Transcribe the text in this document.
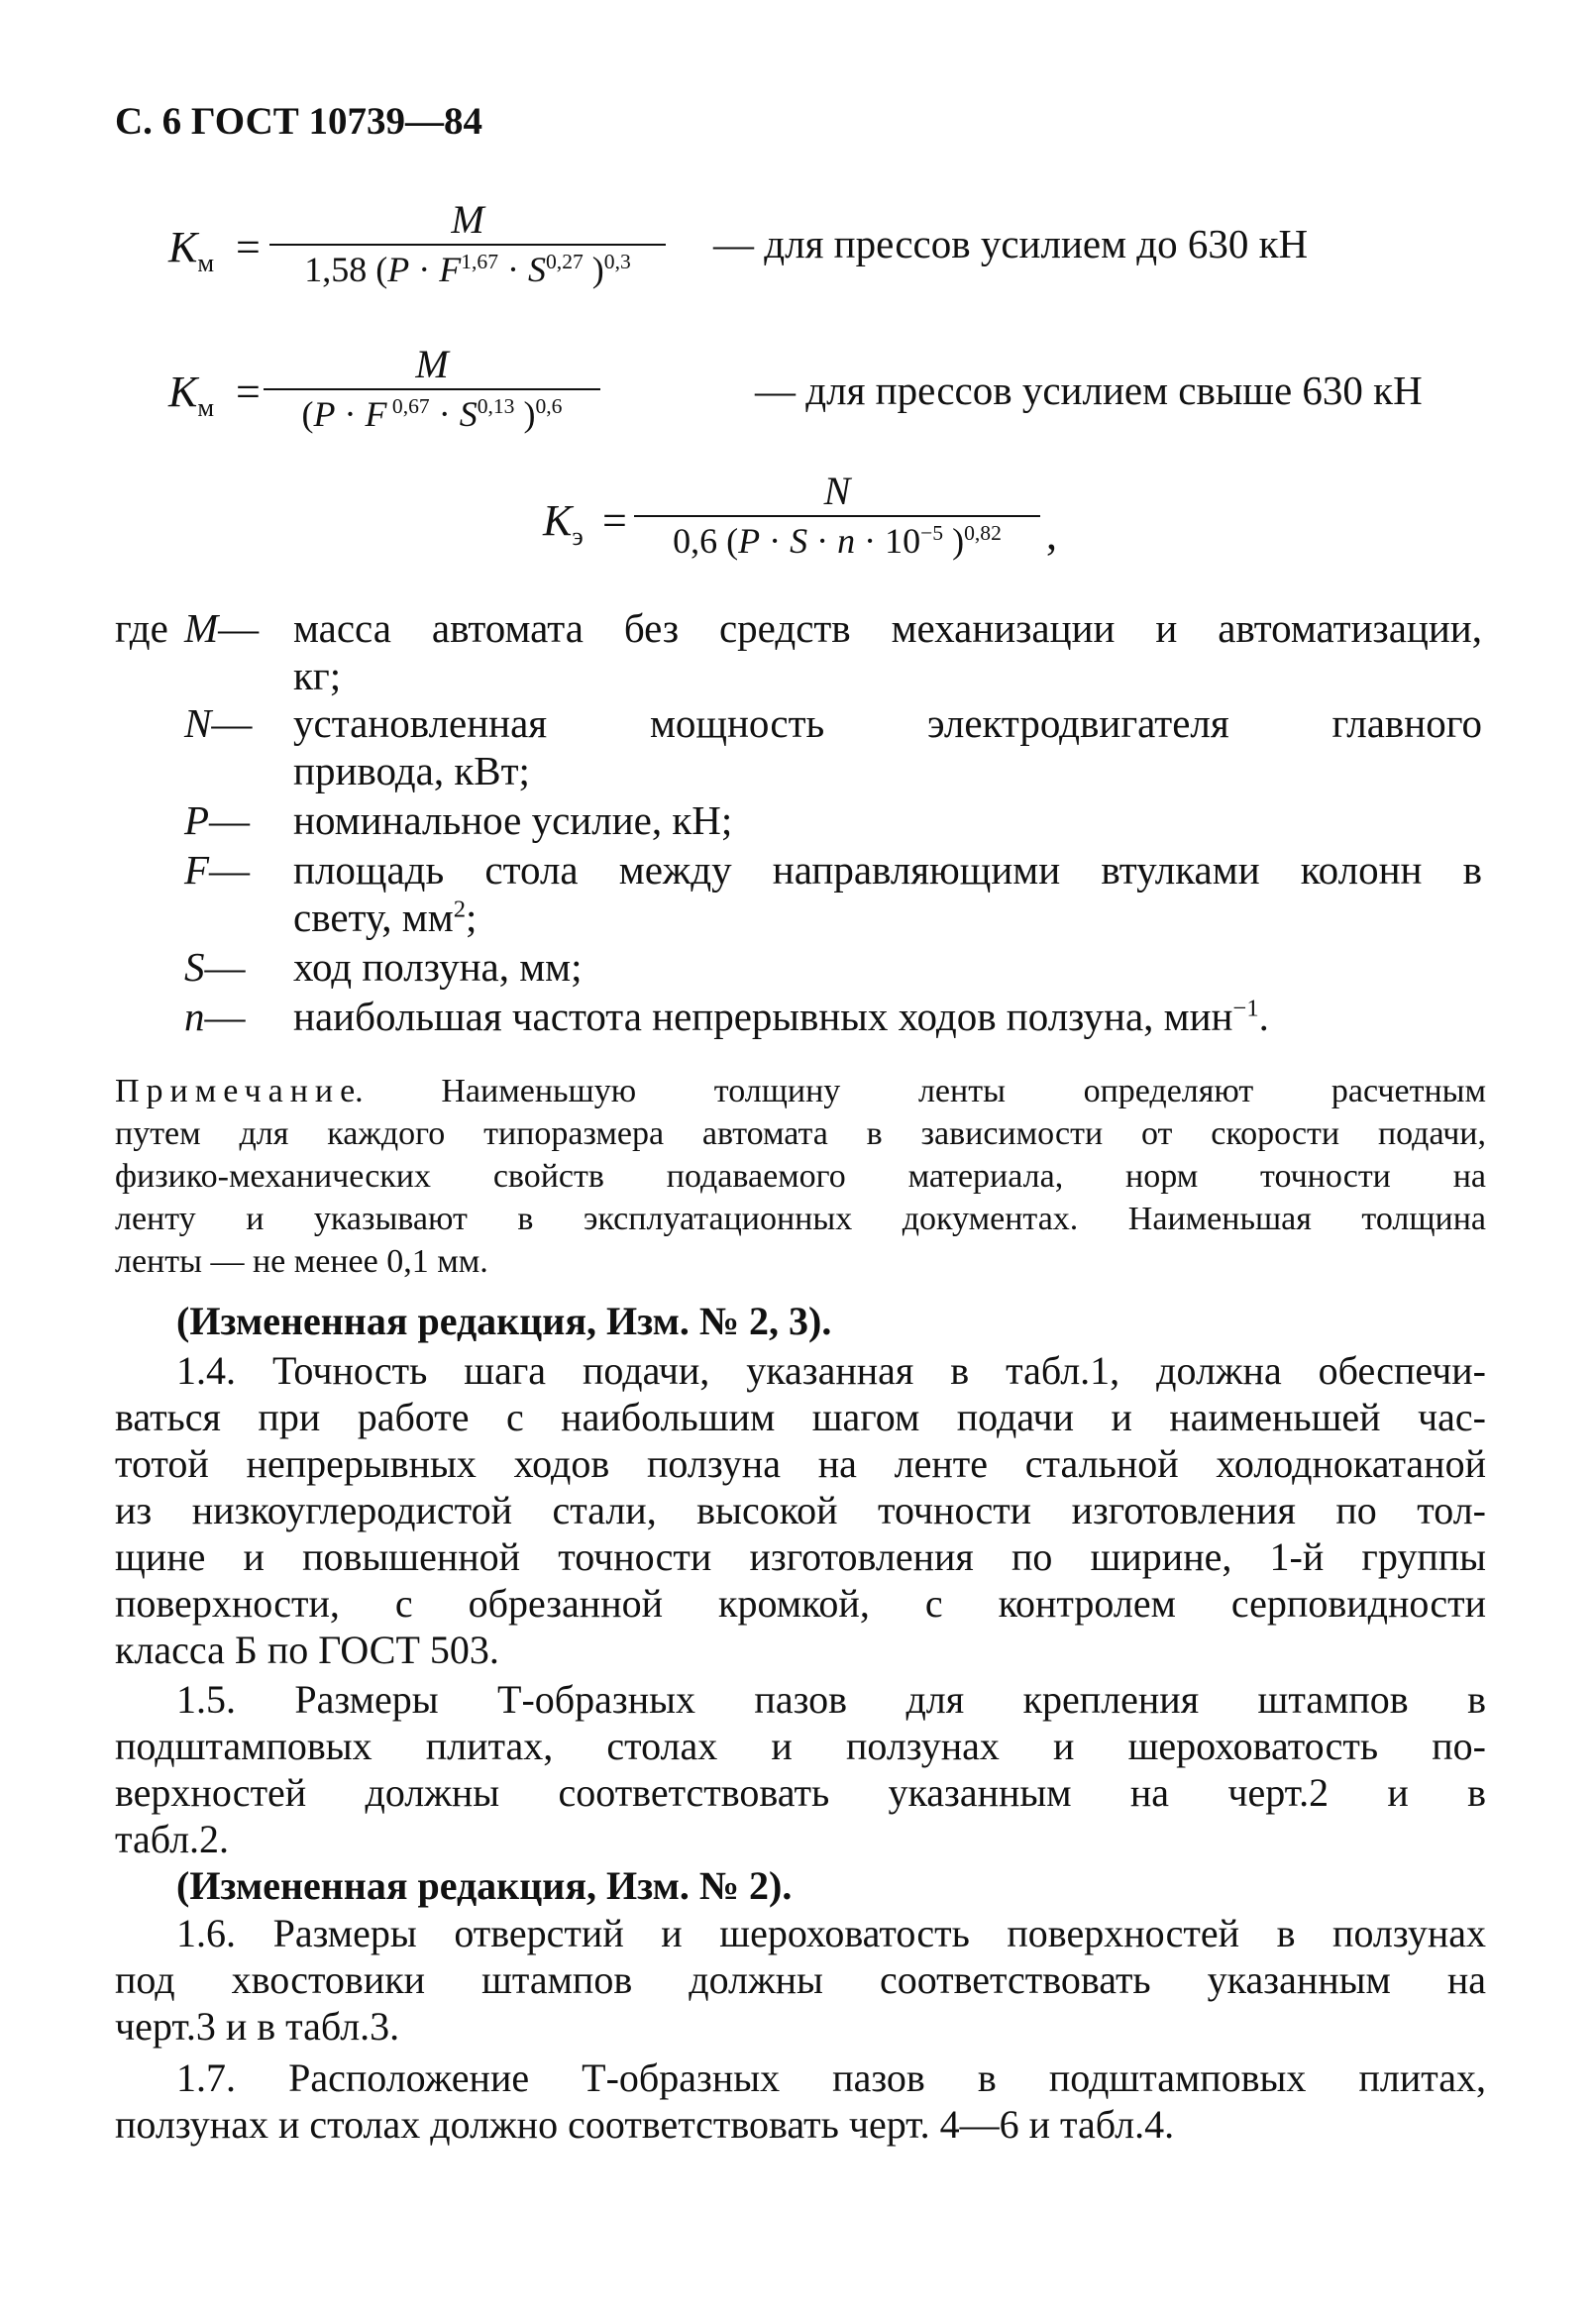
С. 6 ГОСТ 10739—84
$K_м$ =
M
1,58 (P · F$^{1,67}$ · S$^{0,27}$ )$^{0,3}$	— для прессов усилием до 630 кН
$K_м$ =
M
(P · F $^{0,67}$ · S$^{0,13}$ )$^{0,6}$	— для прессов усилием свыше 630 кН
$K_э$ =
N
0,6 ($P \cdot S \cdot n \cdot 10^{-5}$ )$^{0,82}$	,
где M— масса автомата без средств механизации и автоматизации,
кг;
N— установленная мощность электродвигателя главного
привода, кВт;
P— номинальное усилие, кН;
F— площадь стола между направляющими втулками колонн в
свету, $мм^2$;
S— ход ползуна, мм;
n— наибольшая частота непрерывных ходов ползуна, мин$^{-1}$.
Примечание. Наименьшую толщину ленты определяют расчетным
путем для каждого типоразмера автомата в зависимости от скорости подачи,
физико-механических свойств подаваемого материала, норм точности на
ленту и указывают в эксплуатационных документах. Наименьшая толщина
ленты — не менее 0,1 мм.
(Измененная редакция, Изм. № 2, 3).
1.4. Точность шага подачи, указанная в табл.1, должна обеспечи-
ваться при работе с наибольшим шагом подачи и наименьшей час-
тотой непрерывных ходов ползуна на ленте стальной холоднокатаной
из низкоуглеродистой стали, высокой точности изготовления по тол-
щине и повышенной точности изготовления по ширине, 1-й группы
поверхности, с обрезанной кромкой, с контролем серповидности
класса Б по ГОСТ 503.
1.5. Размеры Т-образных пазов для крепления штампов в
подштамповых плитах, столах и ползунах и шероховатость по-
верхностей должны соответствовать указанным на черт.2 и в
табл.2.
(Измененная редакция, Изм. № 2).
1.6. Размеры отверстий и шероховатость поверхностей в ползунах
под хвостовики штампов должны соответствовать указанным на
черт.3 и в табл.3.
1.7. Расположение Т-образных пазов в подштамповых плитах,
ползунах и столах должно соответствовать черт. 4—6 и табл.4.
